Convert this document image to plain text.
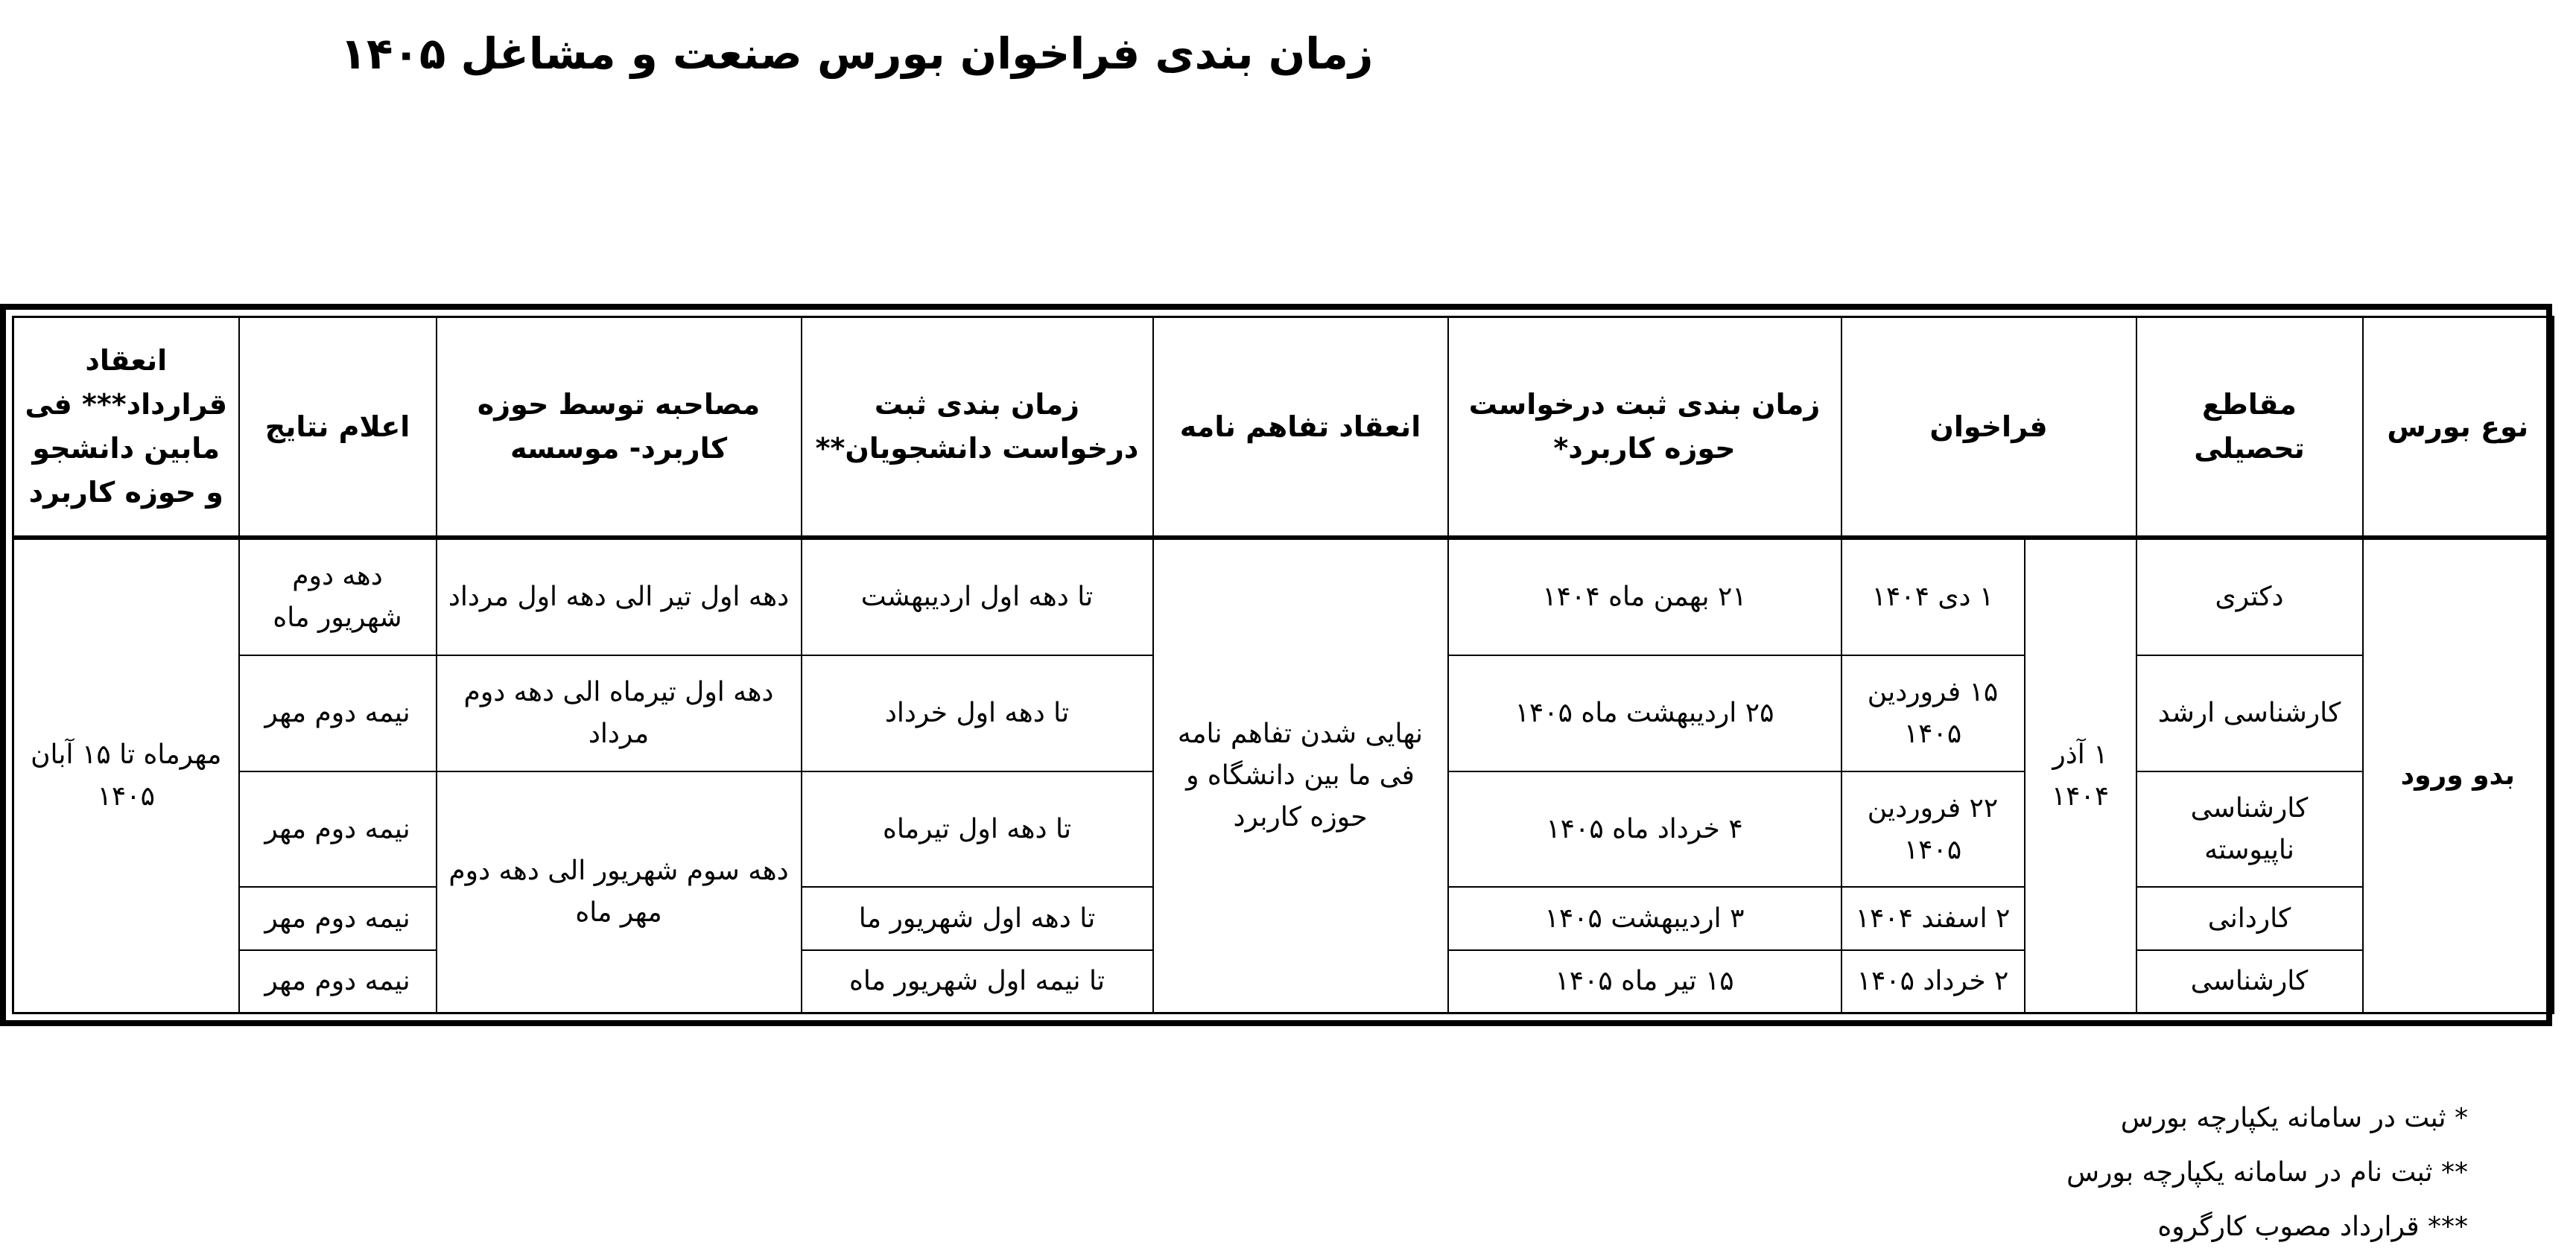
زمان بندی فراخوان بورس صنعت و مشاغل ۱۴۰۵
نوع بورس	مقاطع تحصیلی	فراخوان		زمان بندی ثبت درخواست حوزه کاربرد*	انعقاد تفاهم نامه	زمان بندی ثبت درخواست دانشجویان**	مصاحبه توسط حوزه کاربرد- موسسه	اعلام نتایج	انعقاد قرارداد*** فی مابین دانشجو و حوزه کاربرد
بدو ورود	دکتری	۱ آذر ۱۴۰۴	۱ دی ۱۴۰۴	۲۱ بهمن ماه ۱۴۰۴	نهایی شدن تفاهم نامه فی ما بین دانشگاه و حوزه کاربرد	تا دهه اول اردیبهشت	دهه اول تیر الی دهه اول مرداد	دهه دوم شهریور ماه	مهرماه تا ۱۵ آبان ۱۴۰۵
	کارشناسی ارشد		۱۵ فروردین ۱۴۰۵	۲۵ اردیبهشت ماه ۱۴۰۵		تا دهه اول خرداد	دهه اول تیرماه الی دهه دوم مرداد	نیمه دوم مهر	
	کارشناسی ناپیوسته		۲۲ فروردین ۱۴۰۵	۴ خرداد ماه ۱۴۰۵		تا دهه اول تیرماه	دهه سوم شهریور الی دهه دوم مهر ماه	نیمه دوم مهر	
	کاردانی		۲ اسفند ۱۴۰۴	۳ اردیبهشت ۱۴۰۵		تا دهه اول شهریور ما		نیمه دوم مهر	
	کارشناسی		۲ خرداد ۱۴۰۵	۱۵ تیر ماه ۱۴۰۵		تا نیمه اول شهریور ماه		نیمه دوم مهر	
* ثبت در سامانه یکپارچه بورس
** ثبت نام در سامانه یکپارچه بورس
*** قرارداد مصوب کارگروه
